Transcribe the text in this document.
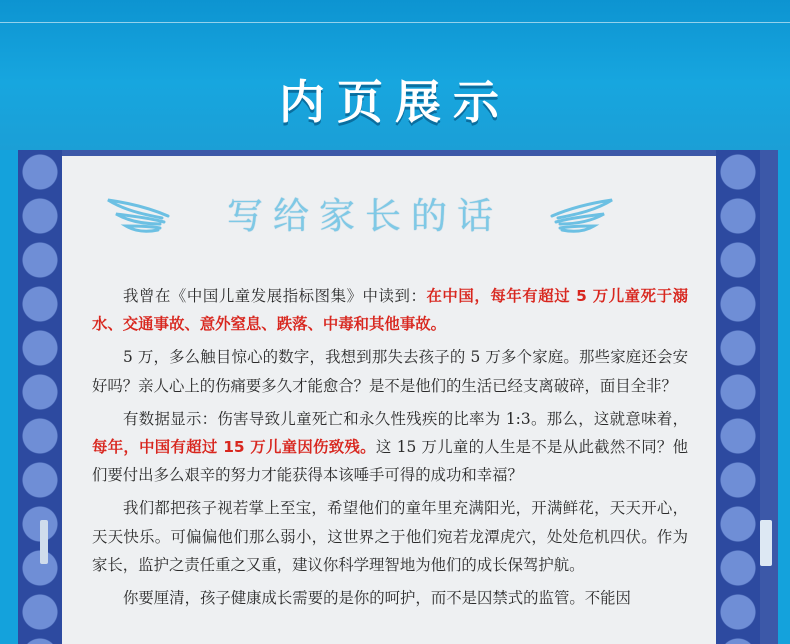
内页展示
写给家长的话

我曾在《中国儿童发展指标图集》中读到：在中国，每年有超过 5 万儿童死于溺水、交通事故、意外窒息、跌落、中毒和其他事故。

5 万，多么触目惊心的数字，我想到那失去孩子的 5 万多个家庭。那些家庭还会安好吗？亲人心上的伤痛要多久才能愈合？是不是他们的生活已经支离破碎，面目全非？

有数据显示：伤害导致儿童死亡和永久性残疾的比率为 1:3。那么，这就意味着，每年，中国有超过 15 万儿童因伤致残。这 15 万儿童的人生是不是从此截然不同？他们要付出多么艰辛的努力才能获得本该唾手可得的成功和幸福？

我们都把孩子视若掌上至宝，希望他们的童年里充满阳光，开满鲜花，天天开心，天天快乐。可偏偏他们那么弱小，这世界之于他们宛若龙潭虎穴，处处危机四伏。作为家长，监护之责任重之又重，建议你科学理智地为他们的成长保驾护航。

你要厘清，孩子健康成长需要的是你的呵护，而不是囚禁式的监管。不能因
